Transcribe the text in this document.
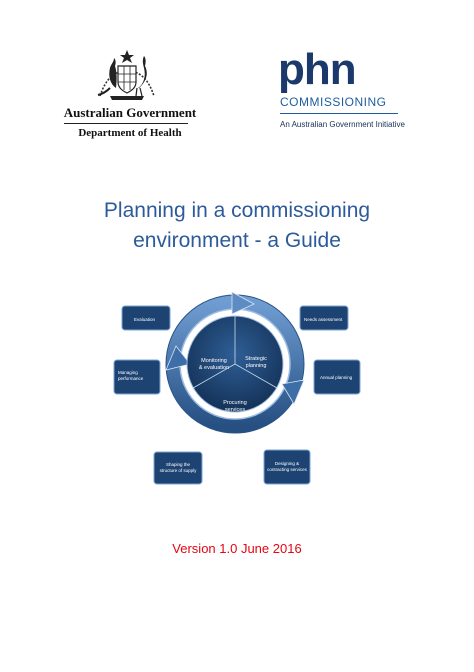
Australian Government
Department of Health
phn
COMMISSIONING
An Australian Government Initiative
Planning in a commissioning
environment - a Guide
Monitoring
& evaluation
Strategic
planning
Procuring
services
Evaluation	Needs assessment
Managing
performance	Annual planning
Shaping the
structure of supply
Designing &
contracting services
Version 1.0 June 2016
